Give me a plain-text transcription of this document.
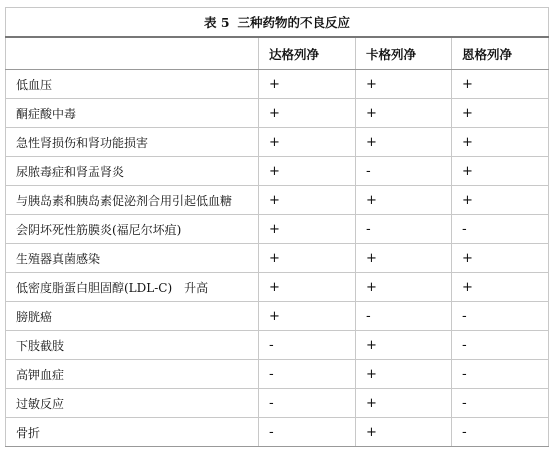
表 5 三种药物的不良反应			
	达格列净	卡格列净	恩格列净
低血压	+	+	+
酮症酸中毒	+	+	+
急性肾损伤和肾功能损害	+	+	+
尿脓毒症和肾盂肾炎	+	-	+
与胰岛素和胰岛素促泌剂合用引起低血糖	+	+	+
会阴坏死性筋膜炎(福尼尔坏疽)	+	-	-
生殖器真菌感染	+	+	+
低密度脂蛋白胆固醇(LDL-C)　升高	+	+	+
膀胱癌	+	-	-
下肢截肢	-	+	-
高钾血症	-	+	-
过敏反应	-	+	-
骨折	-	+	-
